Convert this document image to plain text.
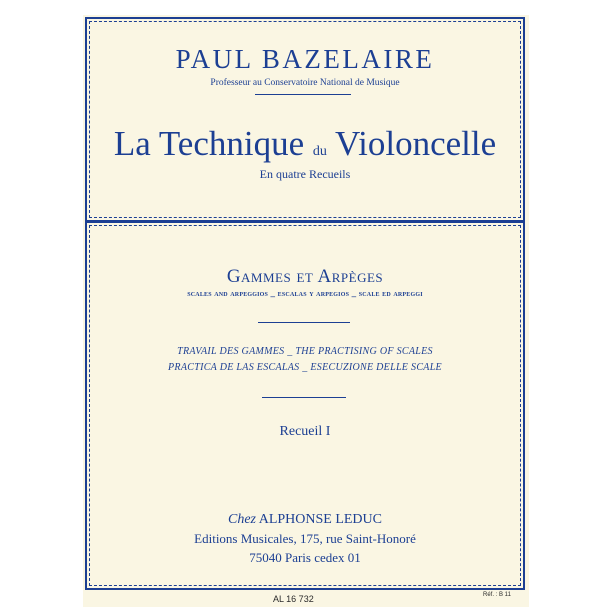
PAUL BAZELAIRE
Professeur au Conservatoire National de Musique
La Technique du Violoncelle
En quatre Recueils
Gammes et Arpèges
scales and arpeggios _ escalas y arpegios _ scale ed arpeggi
TRAVAIL DES GAMMES _ THE PRACTISING OF SCALES
PRACTICA DE LAS ESCALAS _ ESECUZIONE DELLE SCALE
Recueil I
Chez ALPHONSE LEDUC
Editions Musicales, 175, rue Saint-Honoré
75040 Paris cedex 01
AL 16 732	Réf. : B 11
